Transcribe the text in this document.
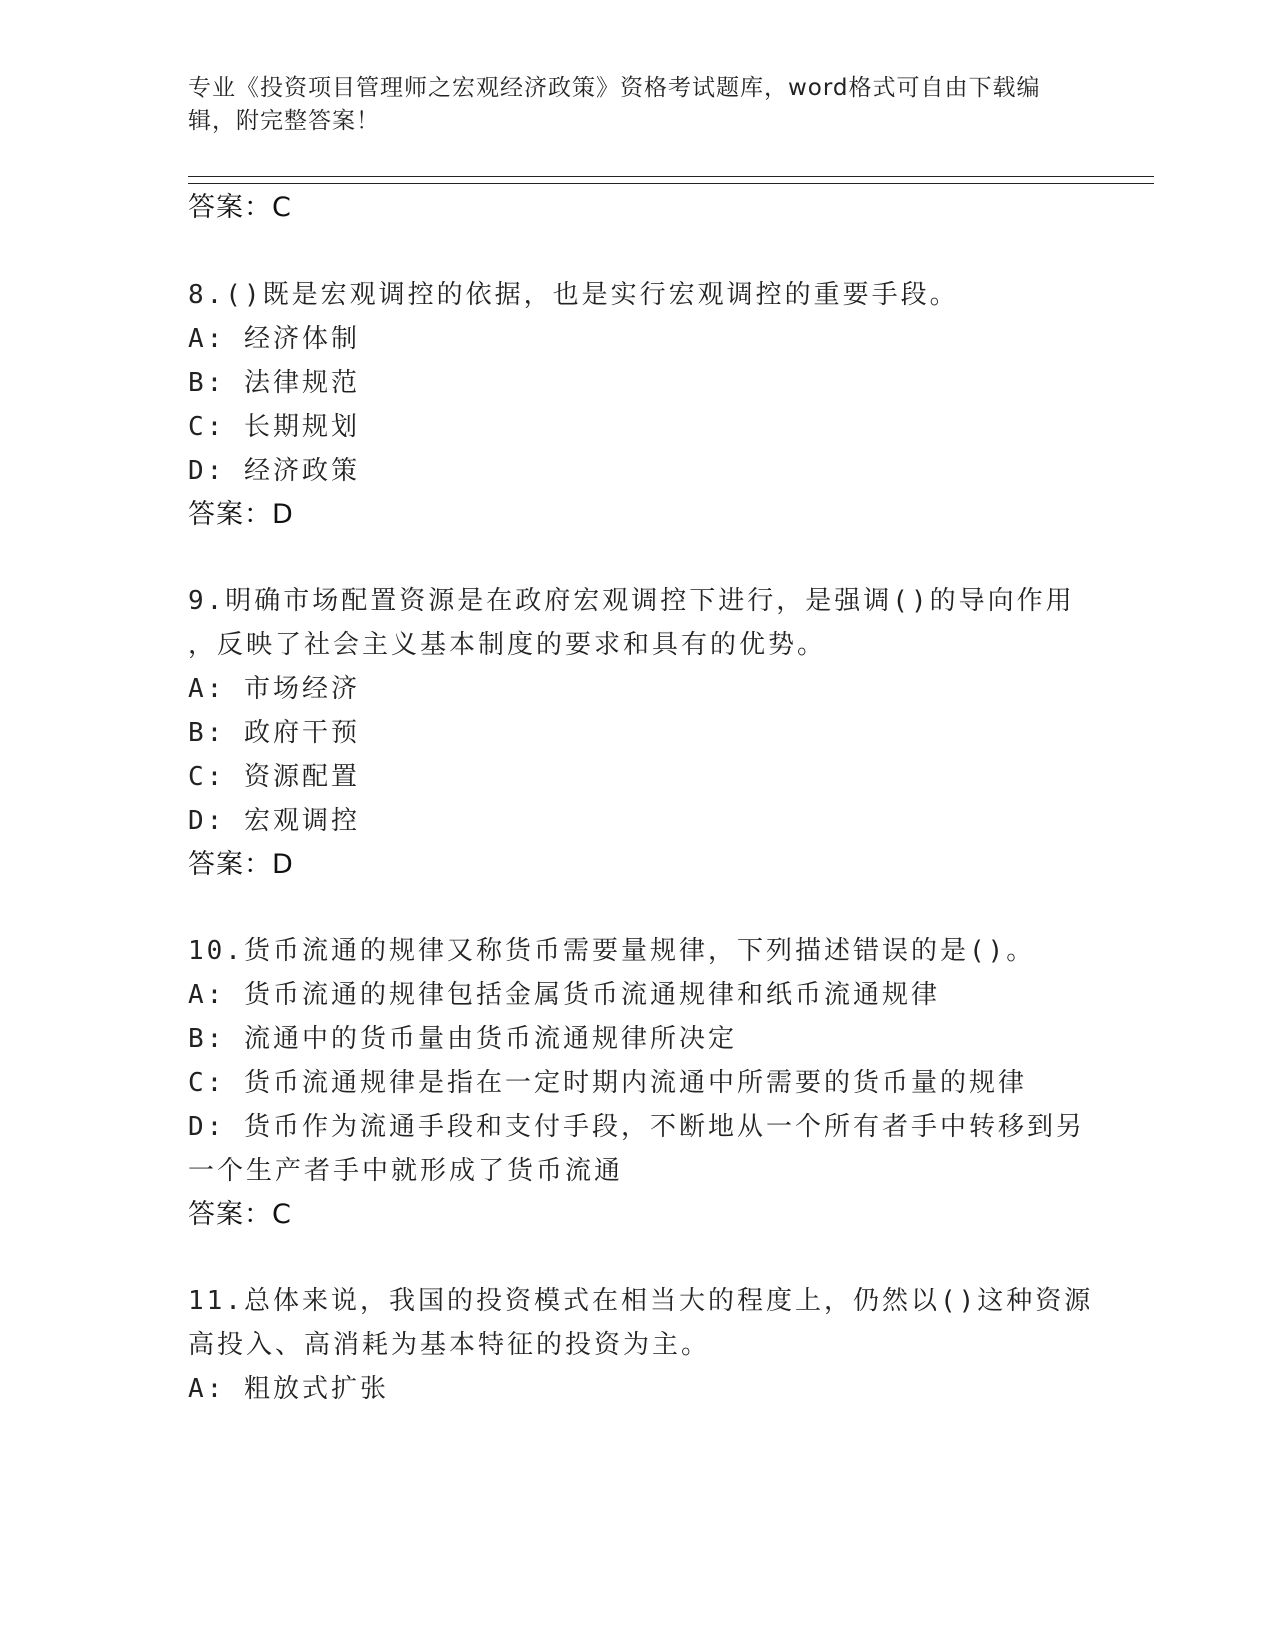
专业《投资项目管理师之宏观经济政策》资格考试题库，word格式可自由下载编
辑，附完整答案！
答案：C
8.()既是宏观调控的依据，也是实行宏观调控的重要手段。
A: 经济体制
B: 法律规范
C: 长期规划
D: 经济政策
答案：D
9.明确市场配置资源是在政府宏观调控下进行，是强调()的导向作用
，反映了社会主义基本制度的要求和具有的优势。
A: 市场经济
B: 政府干预
C: 资源配置
D: 宏观调控
答案：D
10.货币流通的规律又称货币需要量规律，下列描述错误的是()。
A: 货币流通的规律包括金属货币流通规律和纸币流通规律
B: 流通中的货币量由货币流通规律所决定
C: 货币流通规律是指在一定时期内流通中所需要的货币量的规律
D: 货币作为流通手段和支付手段，不断地从一个所有者手中转移到另
一个生产者手中就形成了货币流通
答案：C
11.总体来说，我国的投资模式在相当大的程度上，仍然以()这种资源
高投入、高消耗为基本特征的投资为主。
A: 粗放式扩张
